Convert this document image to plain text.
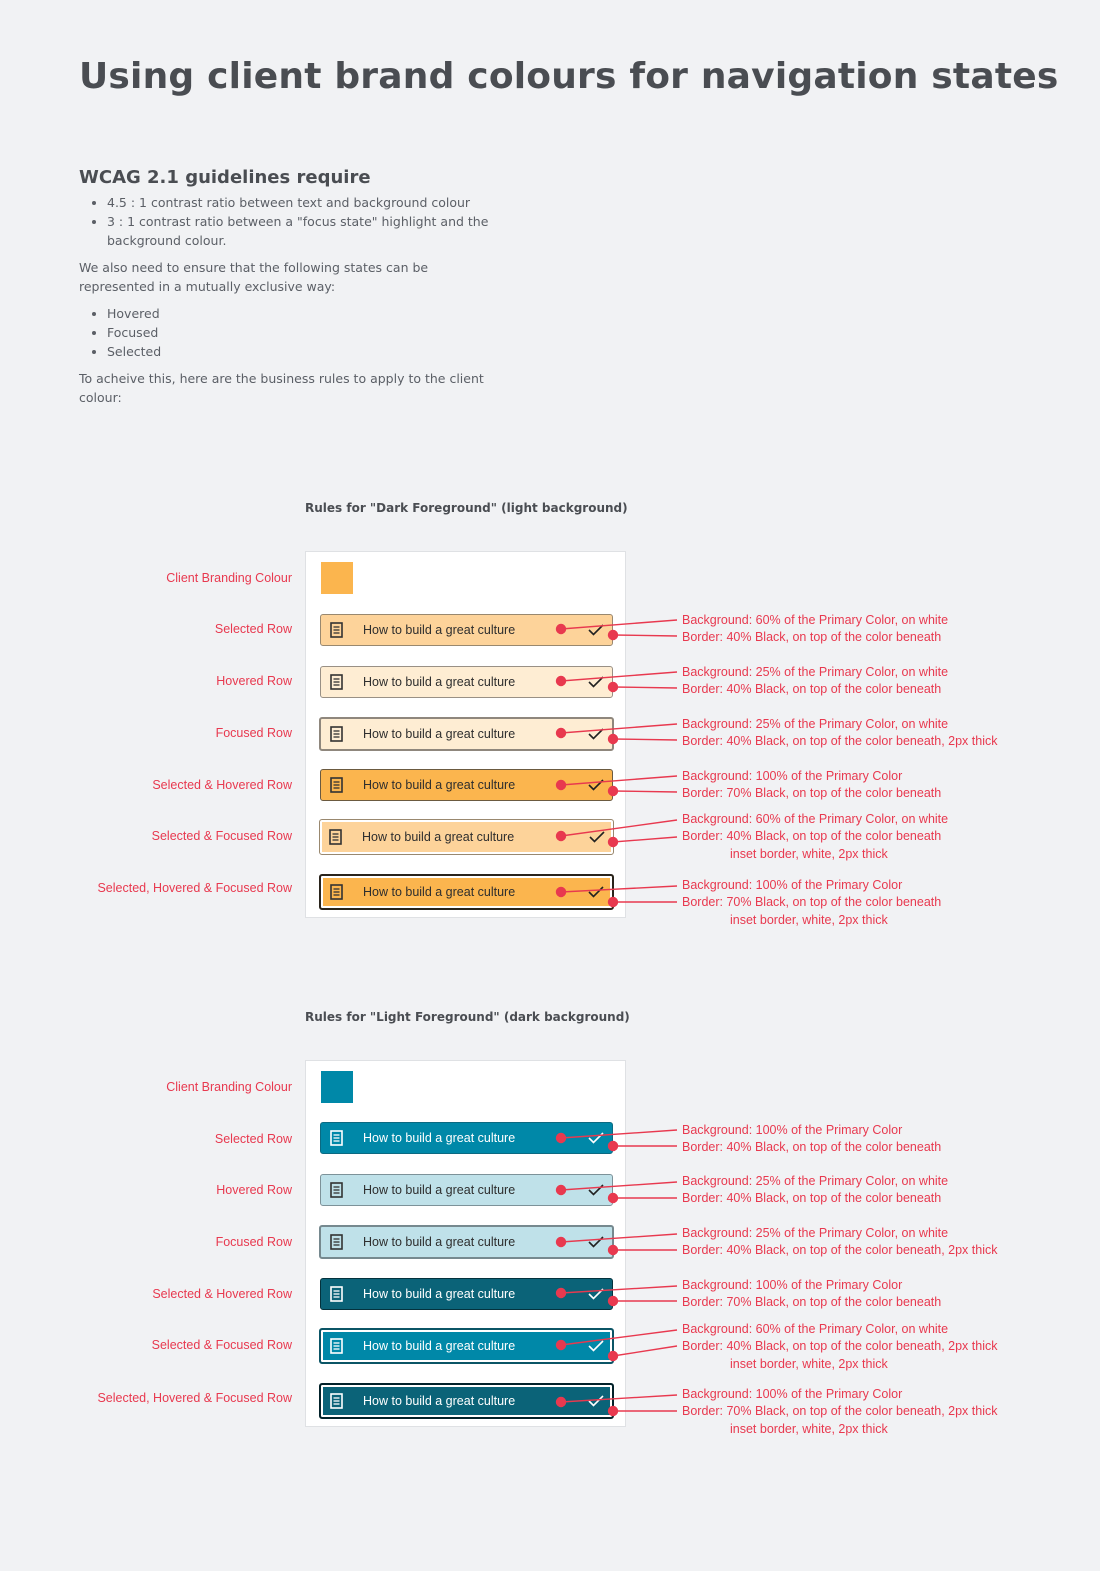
Using client brand colours for navigation states
WCAG 2.1 guidelines require
• 4.5 : 1 contrast ratio between text and background colour
• 3 : 1 contrast ratio between a "focus state" highlight and the background colour.

We also need to ensure that the following states can be represented in a mutually exclusive way:

• Hovered
• Focused
• Selected

To acheive this, here are the business rules to apply to the client colour:

Rules for "Dark Foreground" (light background)
Client Branding Colour
Selected Row
Hovered Row
Focused Row
Selected & Hovered Row
Selected & Focused Row
Selected, Hovered & Focused Row
How to build a great culture
How to build a great culture
How to build a great culture
How to build a great culture
How to build a great culture
How to build a great culture
Background: 60% of the Primary Color, on white
Border: 40% Black, on top of the color beneath
Background: 25% of the Primary Color, on white
Border: 40% Black, on top of the color beneath
Background: 25% of the Primary Color, on white
Border: 40% Black, on top of the color beneath, 2px thick
Background: 100% of the Primary Color
Border: 70% Black, on top of the color beneath
Background: 60% of the Primary Color, on white
Border: 40% Black, on top of the color beneath
inset border, white, 2px thick
Background: 100% of the Primary Color
Border: 70% Black, on top of the color beneath
inset border, white, 2px thick
Rules for "Light Foreground" (dark background)
Client Branding Colour
Selected Row
Hovered Row
Focused Row
Selected & Hovered Row
Selected & Focused Row
Selected, Hovered & Focused Row
How to build a great culture
How to build a great culture
How to build a great culture
How to build a great culture
How to build a great culture
How to build a great culture
Background: 100% of the Primary Color
Border: 40% Black, on top of the color beneath
Background: 25% of the Primary Color, on white
Border: 40% Black, on top of the color beneath
Background: 25% of the Primary Color, on white
Border: 40% Black, on top of the color beneath, 2px thick
Background: 100% of the Primary Color
Border: 70% Black, on top of the color beneath
Background: 60% of the Primary Color, on white
Border: 40% Black, on top of the color beneath, 2px thick
inset border, white, 2px thick
Background: 100% of the Primary Color
Border: 70% Black, on top of the color beneath, 2px thick
inset border, white, 2px thick
